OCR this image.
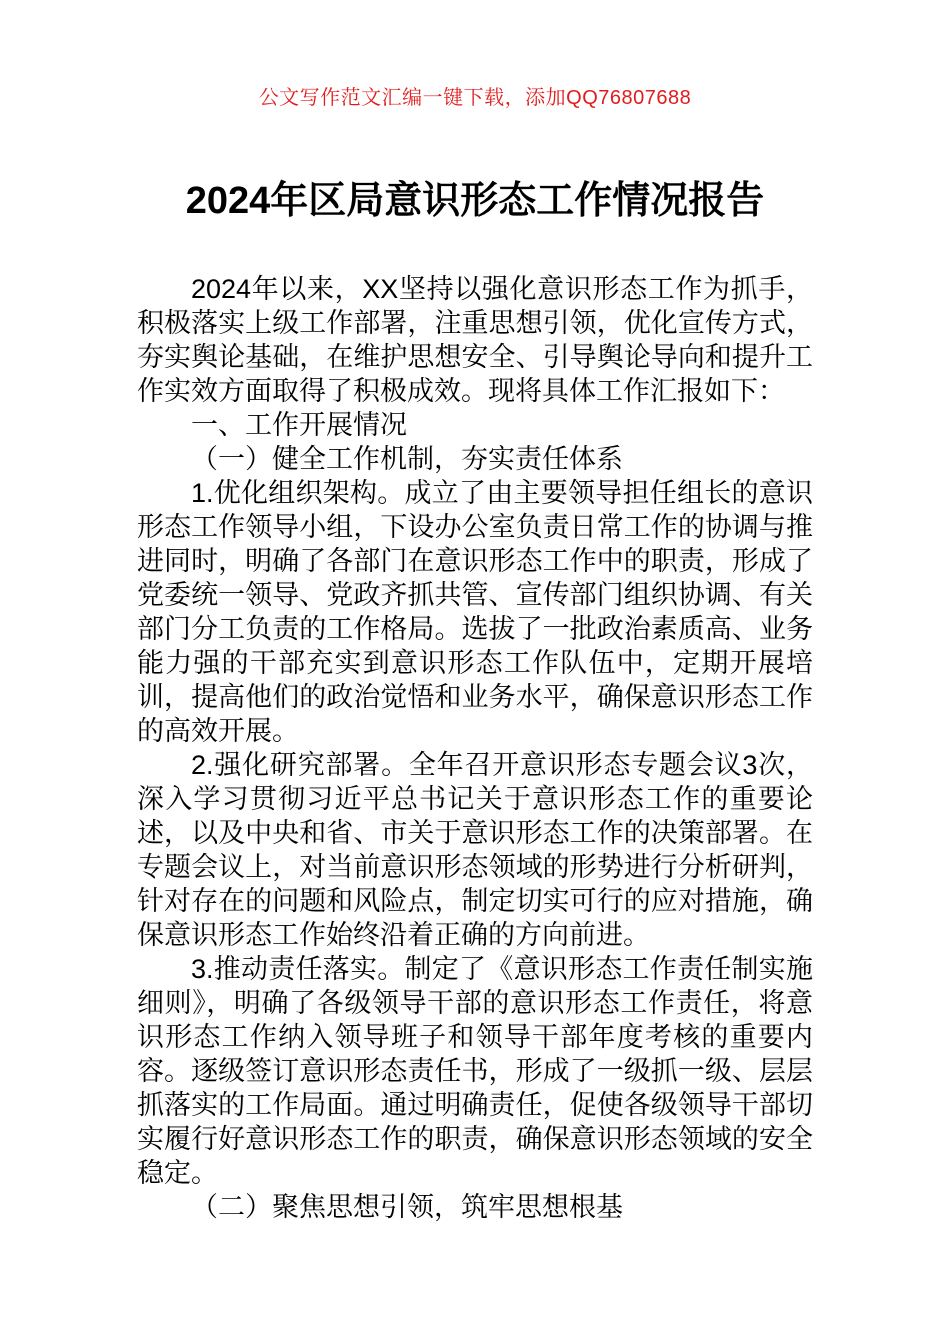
公文写作范文汇编一键下载，添加QQ76807688
2024年区局意识形态工作情况报告

2024年以来，XX坚持以强化意识形态工作为抓手，积极落实上级工作部署，注重思想引领，优化宣传方式，夯实舆论基础，在维护思想安全、引导舆论导向和提升工作实效方面取得了积极成效。现将具体工作汇报如下：

一、工作开展情况

（一）健全工作机制，夯实责任体系

1.优化组织架构。成立了由主要领导担任组长的意识形态工作领导小组，下设办公室负责日常工作的协调与推进同时，明确了各部门在意识形态工作中的职责，形成了党委统一领导、党政齐抓共管、宣传部门组织协调、有关部门分工负责的工作格局。选拔了一批政治素质高、业务能力强的干部充实到意识形态工作队伍中，定期开展培训，提高他们的政治觉悟和业务水平，确保意识形态工作的高效开展。

2.强化研究部署。全年召开意识形态专题会议3次，深入学习贯彻习近平总书记关于意识形态工作的重要论述，以及中央和省、市关于意识形态工作的决策部署。在专题会议上，对当前意识形态领域的形势进行分析研判，针对存在的问题和风险点，制定切实可行的应对措施，确保意识形态工作始终沿着正确的方向前进。

3.推动责任落实。制定了《意识形态工作责任制实施细则》，明确了各级领导干部的意识形态工作责任，将意识形态工作纳入领导班子和领导干部年度考核的重要内容。逐级签订意识形态责任书，形成了一级抓一级、层层抓落实的工作局面。通过明确责任，促使各级领导干部切实履行好意识形态工作的职责，确保意识形态领域的安全稳定。

（二）聚焦思想引领，筑牢思想根基
